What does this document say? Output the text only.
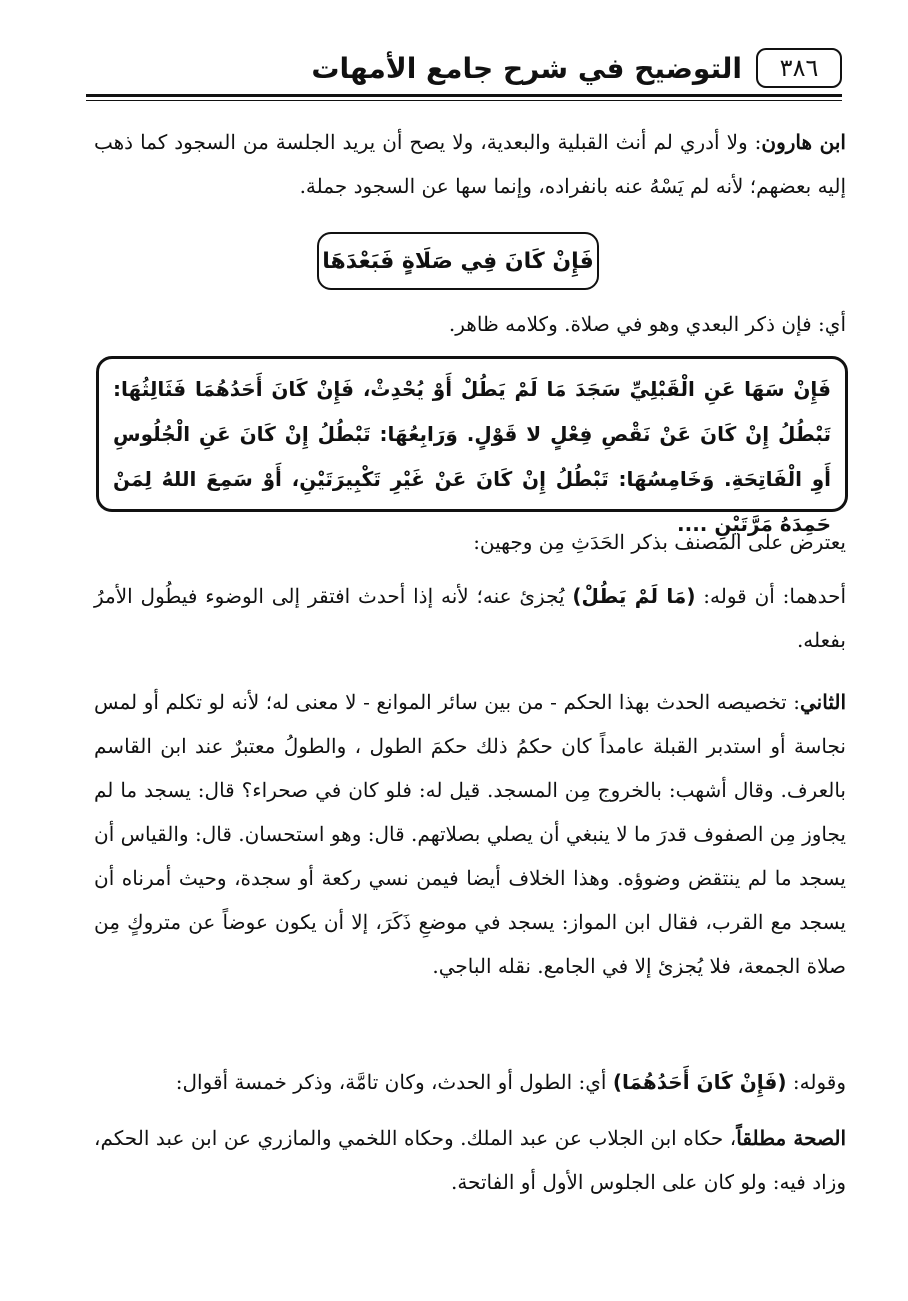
٣٨٦
التوضيح في شرح جامع الأمهات
ابن هارون: ولا أدري لم أنث القبلية والبعدية، ولا يصح أن يريد الجلسة من السجود كما ذهب إليه بعضهم؛ لأنه لم يَسْهُ عنه بانفراده، وإنما سها عن السجود جملة.
فَإِنْ كَانَ فِي صَلَاةٍ فَبَعْدَهَا
أي: فإن ذكر البعدي وهو في صلاة. وكلامه ظاهر.
فَإِنْ سَهَا عَنِ الْقَبْلِيِّ سَجَدَ مَا لَمْ يَطُلْ أَوْ يُحْدِثْ، فَإِنْ كَانَ أَحَدُهُمَا فَثَالِثُهَا: تَبْطُلُ إِنْ كَانَ عَنْ نَقْصِ فِعْلٍ لا قَوْلٍ. وَرَابِعُهَا: تَبْطُلُ إِنْ كَانَ عَنِ الْجُلُوسِ أَوِ الْفَاتِحَةِ. وَخَامِسُهَا: تَبْطُلُ إِنْ كَانَ عَنْ غَيْرِ تَكْبِيرَتَيْنِ، أَوْ سَمِعَ اللهُ لِمَنْ حَمِدَهُ مَرَّتَيْنِ ....
يعترض على المصنف بذكر الحَدَثِ مِن وجهين:
أحدهما: أن قوله: (مَا لَمْ يَطُلْ) يُجزئ عنه؛ لأنه إذا أحدث افتقر إلى الوضوء فيطُول الأمرُ بفعله.
الثاني: تخصيصه الحدث بهذا الحكم - من بين سائر الموانع - لا معنى له؛ لأنه لو تكلم أو لمس نجاسة أو استدبر القبلة عامداً كان حكمُ ذلك حكمَ الطول ، والطولُ معتبرٌ عند ابن القاسم بالعرف. وقال أشهب: بالخروج مِن المسجد. قيل له: فلو كان في صحراء؟ قال: يسجد ما لم يجاوز مِن الصفوف قدرَ ما لا ينبغي أن يصلي بصلاتهم. قال: وهو استحسان. قال: والقياس أن يسجد ما لم ينتقض وضوؤه. وهذا الخلاف أيضا فيمن نسي ركعة أو سجدة، وحيث أمرناه أن يسجد مع القرب، فقال ابن المواز: يسجد في موضعِ ذَكَرَ، إلا أن يكون عوضاً عن متروكٍ مِن صلاة الجمعة، فلا يُجزئ إلا في الجامع. نقله الباجي.
وقوله: (فَإِنْ كَانَ أَحَدُهُمَا) أي: الطول أو الحدث، وكان تامَّة، وذكر خمسة أقوال:
الصحة مطلقاً، حكاه ابن الجلاب عن عبد الملك. وحكاه اللخمي والمازري عن ابن عبد الحكم، وزاد فيه: ولو كان على الجلوس الأول أو الفاتحة.
